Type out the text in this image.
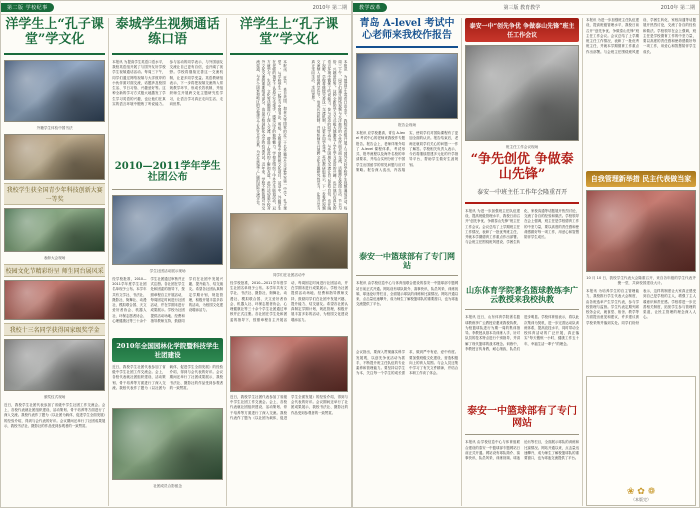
第二版 学校纪事	2010年 第二期
洋学生上“孔子课堂”学文化
外籍学生体验中国书法
我校学生获全国青少年科技创新大赛一等奖
表彰大会现场
校园文化节精彩纷呈 师生同台展风采
我校十三名同学获得国家级奖学金
颁奖仪式现场
近日，我校学生社团代表参加了省级中学生社团工作交流会。会上，各校代表就社团组织建设、活动策划、骨干培养等方面进行了深入交流。我校代表作了题为《以社团为载体，促进学生全面发展》的经验介绍，得到与会代表的好评。会议期间还举行了社团成果展示，我校书法社、摄影社的作品受到参观者的一致赞赏。
泰城学生视频通话练口语
本报讯 为提高学生英语口语水平，我校英语组开展了与国外友好学校学生视频通话活动。每周三下午，同学们通过网络视频与大洋彼岸的小伙伴面对面交流，话题涉及校园生活、节日习俗、兴趣爱好等。这种全新的学习方式极大地激发了学生学习英语的兴趣，也让他们在真实的语言环境中锻炼了听说能力。参与活动的同学表示，与外国朋友交流让自己更有自信，也开阔了视野。学校将继续完善这一交流机制，让更多同学受益。英语教研组表示，下一步将把视频交流纳入常规教学环节，形成长效机制，并组织师生开展跨文化主题研究性学习，让语言学习真正走向生活、走向世界。
2010—2011学年学生社团公布
学生社团活动展示现场
经学校批准，2010—2011学年度学生社团名单现予公布。本学年共有文学社、书法社、摄影社、街舞社、动漫社、模拟联合国、天文爱好者协会、机器人社、环保志愿者协会、心理健康社等三十余个学生社团通过审核并正式注册。各社团在学生处和团委的指导下，按照章程自主开展活动，每周固定时间进行社团活动，并在学期末进行成果展示。学校为社团提供活动场地、经费和指导教师支持，鼓励同学们在社团中发展兴趣、提升能力、结交朋友。希望各社团认真制定学期计划，规范管理，积极开展丰富多彩的活动，为校园文化建设增添活力。
2010年全国园林化学院暨科技学生社团建设
近日，我校学生社团代表参加了省级中学生社团工作交流会。会上，各校代表就社团组织建设、活动策划、骨干培养等方面进行了深入交流。我校代表作了题为《以社团为载体，促进学生全面发展》的经验介绍，得到与会代表的好评。会议期间还举行了社团成果展示，我校书法社、摄影社的作品受到参观者的一致赞赏。
社团成员合影留念
洋学生上“孔子课堂”学文化
本报讯 近日，来自美国、加拿大等国家的近三十名外籍学生走进泰安第一中学“孔子课堂”，与学校学生一起学习中国书法、剪纸、太极拳等中国传统文化项目。活动中，外籍学生在老师的指导下认真学写毛笔字，感受汉字的独特魅力。学校还组织了中外学生联谊活动，双方就学习、生活、文化等话题进行了深入交流，增进了彼此的了解和友谊。此次活动是学校对外文化交流的重要组成部分，也是学校国际化办学的有益尝试。近年来，学校不断拓展对外交流渠道，与多个国家和地区的学校建立了友好合作关系，为学生搭建了广阔的国际交流平台。	本报讯 为提高学生英语口语水平，我校英语组开展了与国外友好学校学生视频通话活动。每周三下午，同学们通过网络视频与大洋彼岸的小伙伴面对面交流，话题涉及校园生活、节日习俗、兴趣爱好等。这种全新的学习方式极大地激发了学生学习英语的兴趣，也让他们在真实的语言环境中锻炼了听说能力。参与活动的同学表示，与外国朋友交流让自己更有自信，也开阔了视野。学校将继续完善这一交流机制，让更多同学受益。英语教研组表示，下一步将把视频交流纳入常规教学环节，形成长效机制，并组织师生开展跨文化主题研究性学习，让语言学习真正走向生活、走向世界。
同学们在社团活动中
经学校批准，2010—2011学年度学生社团名单现予公布。本学年共有文学社、书法社、摄影社、街舞社、动漫社、模拟联合国、天文爱好者协会、机器人社、环保志愿者协会、心理健康社等三十余个学生社团通过审核并正式注册。各社团在学生处和团委的指导下，按照章程自主开展活动，每周固定时间进行社团活动，并在学期末进行成果展示。学校为社团提供活动场地、经费和指导教师支持，鼓励同学们在社团中发展兴趣、提升能力、结交朋友。希望各社团认真制定学期计划，规范管理，积极开展丰富多彩的活动，为校园文化建设增添活力。
近日，我校学生社团代表参加了省级中学生社团工作交流会。会上，各校代表就社团组织建设、活动策划、骨干培养等方面进行了深入交流。我校代表作了题为《以社团为载体，促进学生全面发展》的经验介绍，得到与会代表的好评。会议期间还举行了社团成果展示，我校书法社、摄影社的作品受到参观者的一致赞赏。
教学改革	第三版 教育教学	2010年 第二期
青岛 A-level 考试中心老师来我校作报告
报告会现场
本报讯 应学校邀请，青岛 A-level 考试中心的老师来我校作专题报告。报告会上，老师详细介绍了 A-level 课程体系、考试形式、报考流程以及海外名校的申请要求，并结合实例分析了中国学生出国留学的常见问题与应对策略。报告深入浅出，内容翔实，使同学们对国际课程有了更加全面的认识。报告结束后，老师还就同学们关心的问题一一作了解答。学校相关负责人表示，今后将继续搭建多元化的升学指导平台，帮助学生做好生涯规划。
泰安一中篮球部有了专门网站
本报讯 由学校信息中心与体育组联合建设的泰安一中篮球部专题网站日前正式开通。网站设有球队简介、赛事快讯、队员风采、训练视频、球迷论坛等栏目，全面展示球队的训练和比赛情况。网站开通以来，点击量迅速攀升，成为师生了解校篮球队的重要窗口，也为球迷交流提供了平台。
会议指出，要深入贯彻落实科学发展观，以创先争优活动为抓手，不断提升班主任队伍的专业素养和管理能力。要坚持以学生为本，关注每一个学生的成长需求，做到严中有爱、爱中有度。要加强班级文化建设，营造积极向上的育人氛围。与会人员还集中学习了有关文件精神，并结合本职工作谈了体会。
泰安一中“创先争优 争做泰山先锋”班主任工作会议
班主任工作会议现场
“争先创优 争做泰山先锋”
泰安一中班主任工作年会隆重召开
本报讯 为进一步加强班主任队伍建设，提高班级管理水平，我校日前召开“创先争优、争做泰山先锋”班主任工作会议。会议总结了上学期班主任工作情况，表彰了一批优秀班主任，并就本学期德育工作重点作出部署。与会班主任围绕班风建设、学困生转化、家校沟通等话题展开热烈讨论，交流了各自的经验和做法。学校领导在会上强调，班主任是学校德育工作的中坚力量，要以高度的责任感和使命感做好每一项工作，用爱心和智慧陪伴学生成长。
山东体育学院著名篮球教练李广云教授来我校执教
本报讯 近日，山东体育学院著名篮球教练李广云教授应邀来我校执教，为校篮球队进行为期一周的集训指导。李教授从基本功训练入手，针对队员的技术特点进行个别指导，并讲解了现代篮球的战术理念。训练中，李教授言传身教，耐心细致，队员们进步明显。学校体育组表示，将以此次集训为契机，进一步完善运动队训练体系，提高竞技水平，同时带动全校体育活动的广泛开展，真正落实“每天锻炼一小时，健康工作五十年，幸福生活一辈子”的理念。
泰安一中篮球部有了专门网站
本报讯 由学校信息中心与体育组联合建设的泰安一中篮球部专题网站日前正式开通。网站设有球队简介、赛事快讯、队员风采、训练视频、球迷论坛等栏目，全面展示球队的训练和比赛情况。网站开通以来，点击量迅速攀升，成为师生了解校篮球队的重要窗口，也为球迷交流提供了平台。
本报讯 为进一步加强班主任队伍建设，提高班级管理水平，我校日前召开“创先争优、争做泰山先锋”班主任工作会议。会议总结了上学期班主任工作情况，表彰了一批优秀班主任，并就本学期德育工作重点作出部署。与会班主任围绕班风建设、学困生转化、家校沟通等话题展开热烈讨论，交流了各自的经验和做法。学校领导在会上强调，班主任是学校德育工作的中坚力量，要以高度的责任感和使命感做好每一项工作，用爱心和智慧陪伴学生成长。
自我管理新举措 民主代表做当家
10 月 10 日，我校学生代表大会隆重召开，来自各年级的学生代表齐聚一堂，共商校园建设大计。
本报讯 为培养学生的自主管理能力，我校推行学生代表大会制度，由各班选举产生学生代表，参与学校管理与监督。学生代表定期列席校务会议，就食堂、宿舍、教学等方面提出意见和建议，许多建议被学校采纳并落到实处。同学们纷纷表示，这样的制度让大家真正感受到自己是学校的主人，增强了主人翁意识和责任感。学校将进一步完善相关制度，拓宽学生参与管理的渠道，让民主管理的理念深入人心。
❀ ✿ ❁
（本版完）
